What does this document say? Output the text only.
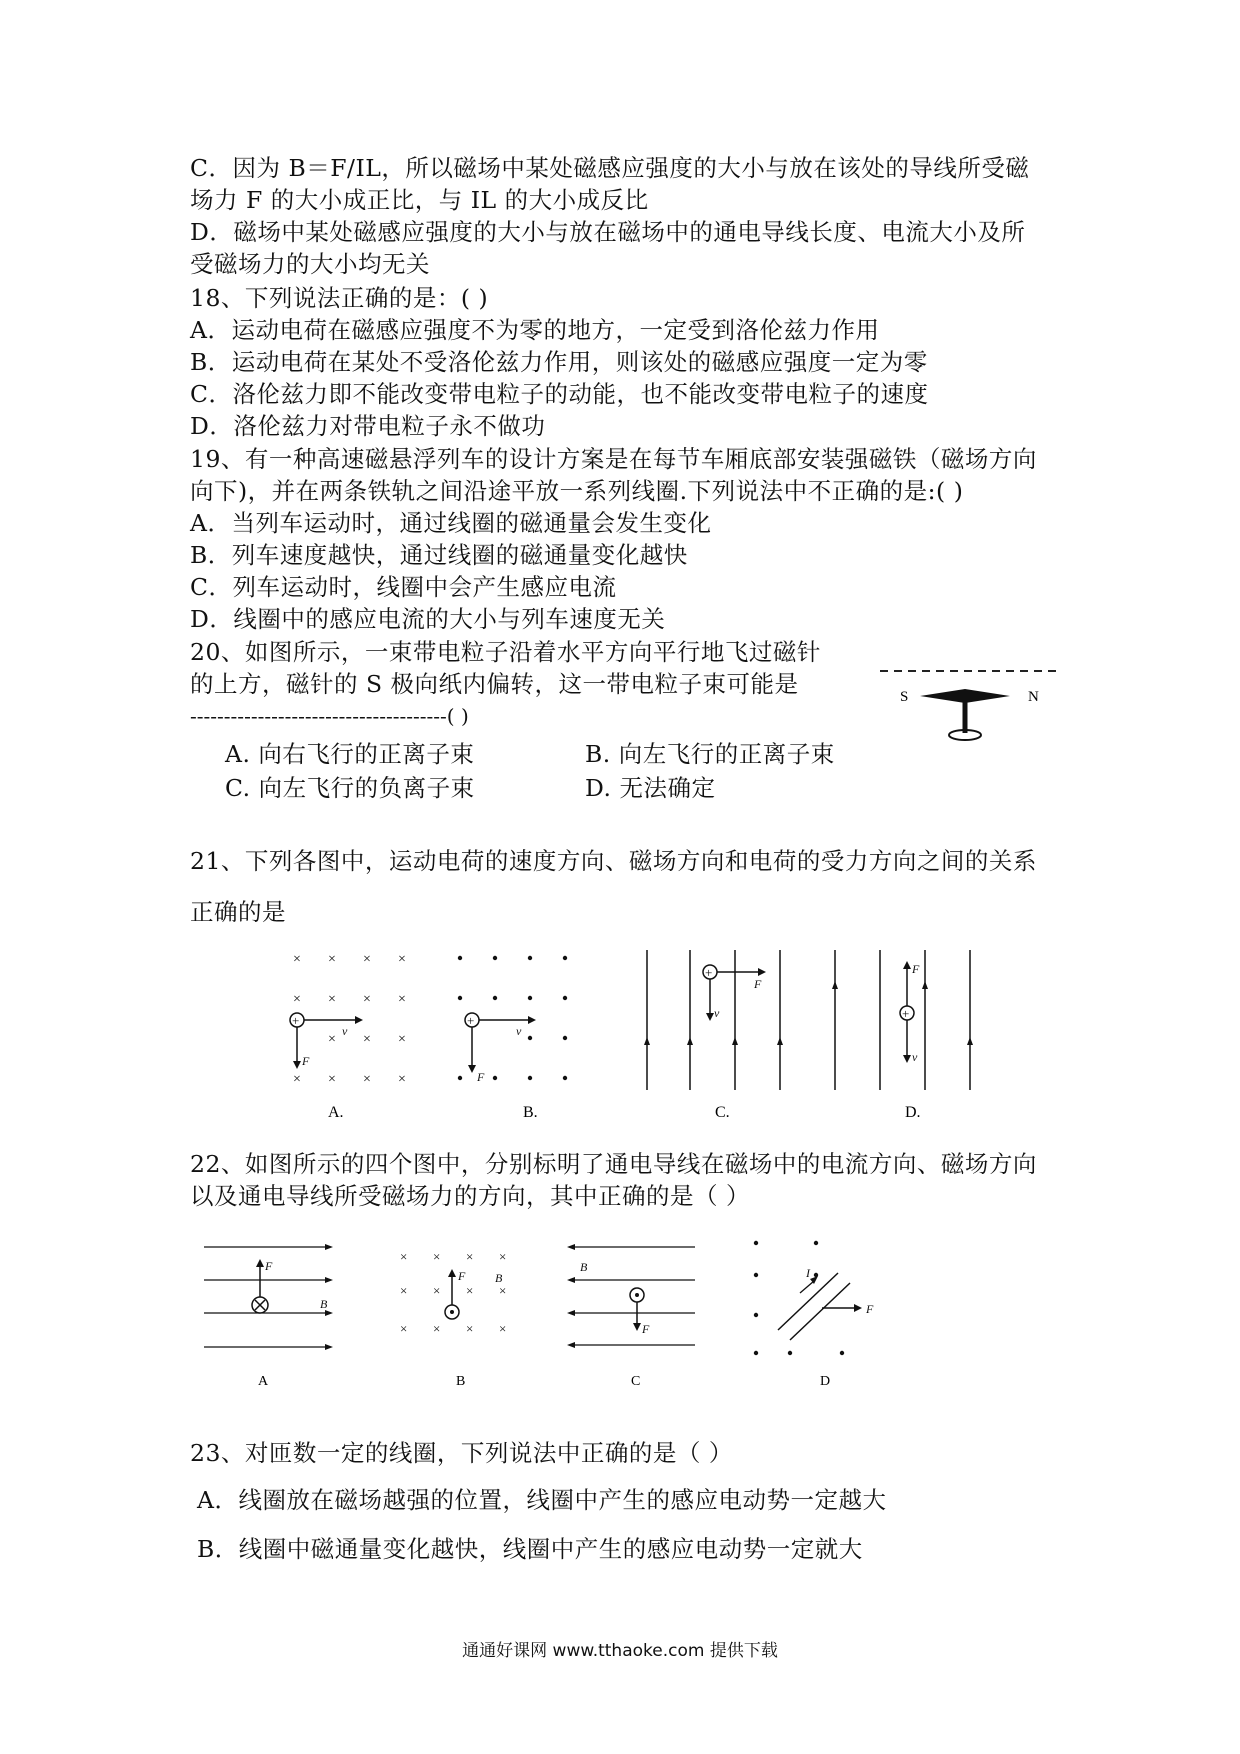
C．因为 B＝F/IL，所以磁场中某处磁感应强度的大小与放在该处的导线所受磁
场力 F 的大小成正比，与 IL 的大小成反比
D．磁场中某处磁感应强度的大小与放在磁场中的通电导线长度、电流大小及所
受磁场力的大小均无关
18、下列说法正确的是：( )
A．运动电荷在磁感应强度不为零的地方，一定受到洛伦兹力作用
B．运动电荷在某处不受洛伦兹力作用，则该处的磁感应强度一定为零
C．洛伦兹力即不能改变带电粒子的动能，也不能改变带电粒子的速度
D．洛伦兹力对带电粒子永不做功
19、有一种高速磁悬浮列车的设计方案是在每节车厢底部安装强磁铁（磁场方向
向下)，并在两条铁轨之间沿途平放一系列线圈.下列说法中不正确的是:( )
A．当列车运动时，通过线圈的磁通量会发生变化
B．列车速度越快，通过线圈的磁通量变化越快
C．列车运动时，线圈中会产生感应电流
D．线圈中的感应电流的大小与列车速度无关
20、如图所示，一束带电粒子沿着水平方向平行地飞过磁针
的上方，磁针的 S 极向纸内偏转，这一带电粒子束可能是
--------------------------------------( )
A. 向右飞行的正离子束	B. 向左飞行的正离子束
C. 向左飞行的负离子束	D. 无法确定
S	N
21、下列各图中，运动电荷的速度方向、磁场方向和电荷的受力方向之间的关系
正确的是
× × × ×
× × × ×
× × ×
× × × ×
+
v
F
A.
+
v
F
B.
+
F
v
C.
+
F
v
D.
22、如图所示的四个图中，分别标明了通电导线在磁场中的电流方向、磁场方向
以及通电导线所受磁场力的方向，其中正确的是（ ）
F
B
A
× × × ×
× × × ×
× × × ×
F B
B
B
F
C
I
F
D
23、对匝数一定的线圈，下列说法中正确的是（ ）
A．线圈放在磁场越强的位置，线圈中产生的感应电动势一定越大
B．线圈中磁通量变化越快，线圈中产生的感应电动势一定就大
通通好课网 www.tthaoke.com 提供下载
